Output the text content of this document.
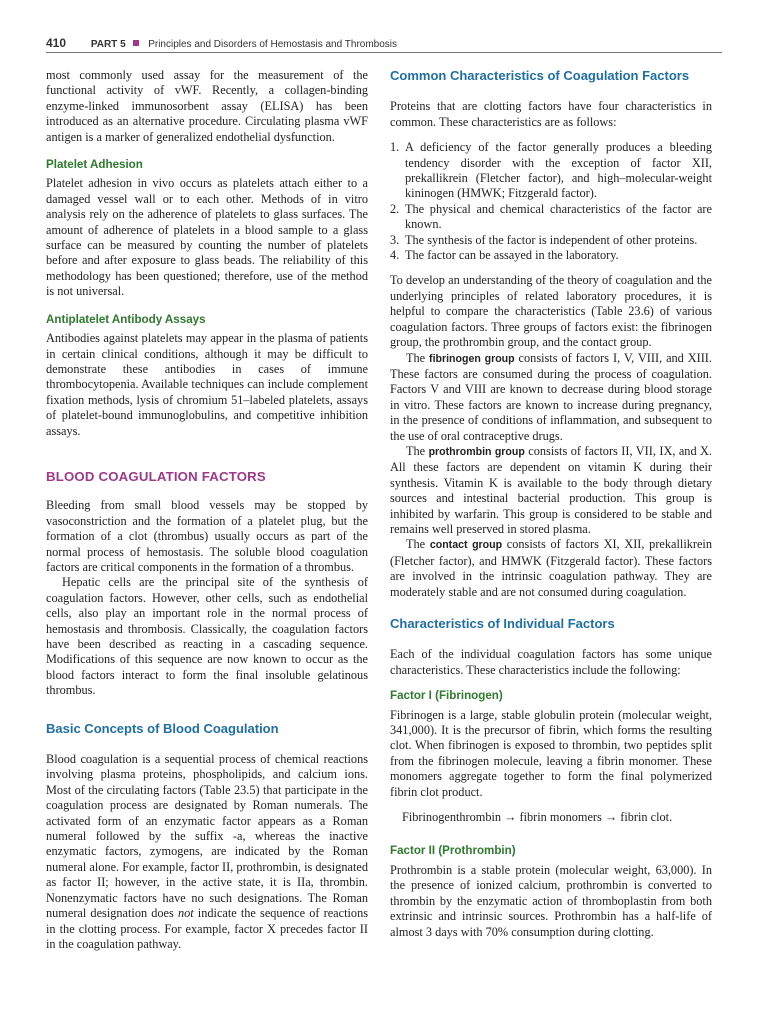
410 PART 5 Principles and Disorders of Hemostasis and Thrombosis

most commonly used assay for the measurement of the functional activity of vWF. Recently, a collagen-binding enzyme-linked immunosorbent assay (ELISA) has been introduced as an alternative procedure. Circulating plasma vWF antigen is a marker of generalized endothelial dysfunction.

Platelet Adhesion

Platelet adhesion in vivo occurs as platelets attach either to a damaged vessel wall or to each other. Methods of in vitro analysis rely on the adherence of platelets to glass surfaces. The amount of adherence of platelets in a blood sample to a glass surface can be measured by counting the number of platelets before and after exposure to glass beads. The reliability of this methodology has been questioned; therefore, use of the method is not universal.

Antiplatelet Antibody Assays

Antibodies against platelets may appear in the plasma of patients in certain clinical conditions, although it may be difficult to demonstrate these antibodies in cases of immune thrombocytopenia. Available techniques can include complement fixation methods, lysis of chromium 51–labeled platelets, assays of platelet-bound immunoglobulins, and competitive inhibition assays.

BLOOD COAGULATION FACTORS

Bleeding from small blood vessels may be stopped by vasoconstriction and the formation of a platelet plug, but the formation of a clot (thrombus) usually occurs as part of the normal process of hemostasis. The soluble blood coagulation factors are critical components in the formation of a thrombus.

Hepatic cells are the principal site of the synthesis of coagulation factors. However, other cells, such as endothelial cells, also play an important role in the normal process of hemostasis and thrombosis. Classically, the coagulation factors have been described as reacting in a cascading sequence. Modifications of this sequence are now known to occur as the blood factors interact to form the final insoluble gelatinous thrombus.

Basic Concepts of Blood Coagulation

Blood coagulation is a sequential process of chemical reactions involving plasma proteins, phospholipids, and calcium ions. Most of the circulating factors (Table 23.5) that participate in the coagulation process are designated by Roman numerals. The activated form of an enzymatic factor appears as a Roman numeral followed by the suffix -a, whereas the inactive enzymatic factors, zymogens, are indicated by the Roman numeral alone. For example, factor II, prothrombin, is designated as factor II; however, in the active state, it is IIa, thrombin. Nonenzymatic factors have no such designations. The Roman numeral designation does not indicate the sequence of reactions in the clotting process. For example, factor X precedes factor II in the coagulation pathway.

Common Characteristics of Coagulation Factors

Proteins that are clotting factors have four characteristics in common. These characteristics are as follows:

1. A deficiency of the factor generally produces a bleeding tendency disorder with the exception of factor XII, prekallikrein (Fletcher factor), and high–molecular-weight kininogen (HMWK; Fitzgerald factor).
2. The physical and chemical characteristics of the factor are known.
3. The synthesis of the factor is independent of other proteins.
4. The factor can be assayed in the laboratory.

To develop an understanding of the theory of coagulation and the underlying principles of related laboratory procedures, it is helpful to compare the characteristics (Table 23.6) of various coagulation factors. Three groups of factors exist: the fibrinogen group, the prothrombin group, and the contact group.

The fibrinogen group consists of factors I, V, VIII, and XIII. These factors are consumed during the process of coagulation. Factors V and VIII are known to decrease during blood storage in vitro. These factors are known to increase during pregnancy, in the presence of conditions of inflammation, and subsequent to the use of oral contraceptive drugs.

The prothrombin group consists of factors II, VII, IX, and X. All these factors are dependent on vitamin K during their synthesis. Vitamin K is available to the body through dietary sources and intestinal bacterial production. This group is inhibited by warfarin. This group is considered to be stable and remains well preserved in stored plasma.

The contact group consists of factors XI, XII, prekallikrein (Fletcher factor), and HMWK (Fitzgerald factor). These factors are involved in the intrinsic coagulation pathway. They are moderately stable and are not consumed during coagulation.

Characteristics of Individual Factors

Each of the individual coagulation factors has some unique characteristics. These characteristics include the following:

Factor I (Fibrinogen)

Fibrinogen is a large, stable globulin protein (molecular weight, 341,000). It is the precursor of fibrin, which forms the resulting clot. When fibrinogen is exposed to thrombin, two peptides split from the fibrinogen molecule, leaving a fibrin monomer. These monomers aggregate together to form the final polymerized fibrin clot product.

Fibrinogenthrombin → fibrin monomers → fibrin clot.
Factor II (Prothrombin)

Prothrombin is a stable protein (molecular weight, 63,000). In the presence of ionized calcium, prothrombin is converted to thrombin by the enzymatic action of thromboplastin from both extrinsic and intrinsic sources. Prothrombin has a half-life of almost 3 days with 70% consumption during clotting.
